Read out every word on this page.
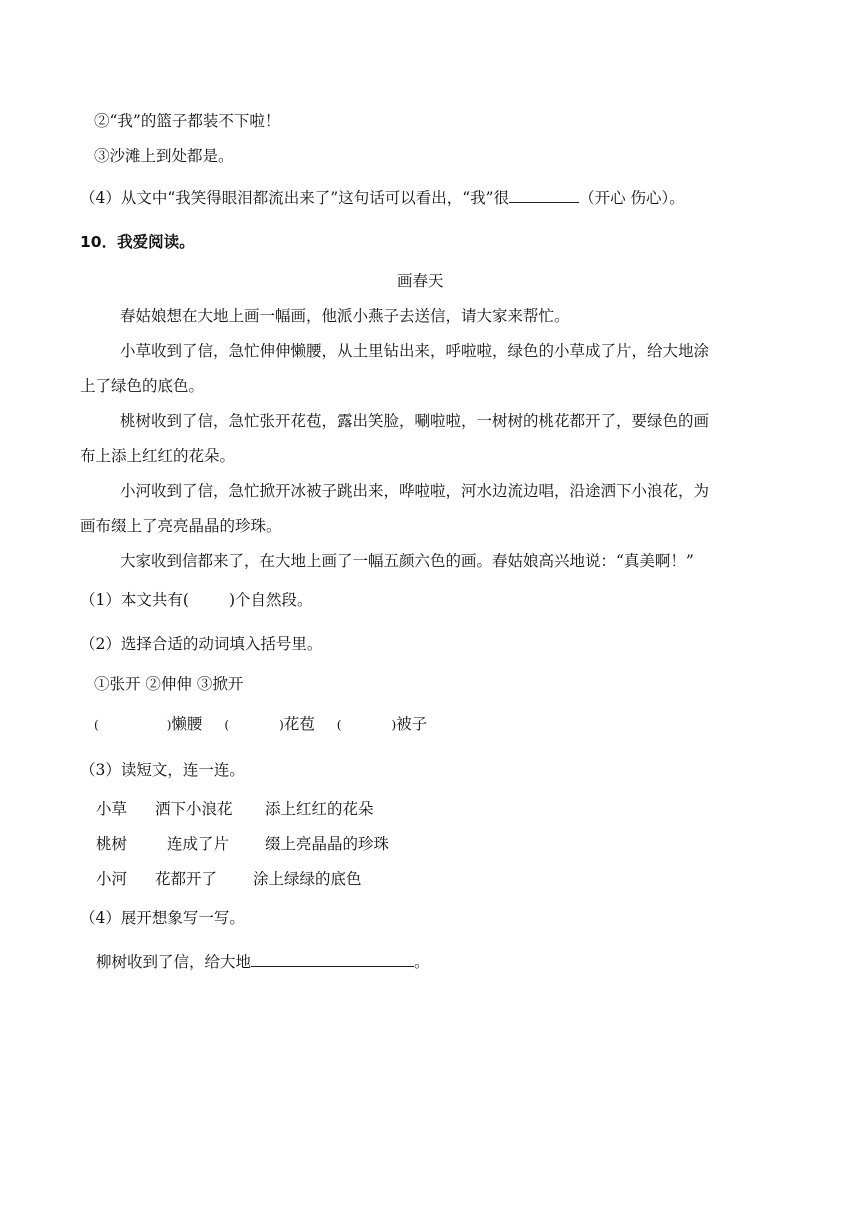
②“我”的篮子都装不下啦！
③沙滩上到处都是。
（4）从文中“我笑得眼泪都流出来了”这句话可以看出，“我”很	（开心 伤心）。
10．我爱阅读。
画春天
春姑娘想在大地上画一幅画，他派小燕子去送信，请大家来帮忙。
小草收到了信，急忙伸伸懒腰，从土里钻出来，呼啦啦，绿色的小草成了片，给大地涂
上了绿色的底色。
桃树收到了信，急忙张开花苞，露出笑脸，唰啦啦，一树树的桃花都开了，要绿色的画
布上添上红红的花朵。
小河收到了信，急忙掀开冰被子跳出来，哗啦啦，河水边流边唱，沿途洒下小浪花，为
画布缀上了亮亮晶晶的珍珠。
大家收到信都来了，在大地上画了一幅五颜六色的画。春姑娘高兴地说：“真美啊！”
（1）本文共有(	)个自然段。
（2）选择合适的动词填入括号里。
①张开 ②伸伸 ③掀开
(	)懒腰 (	)花苞 (	)被子
（3）读短文，连一连。
小草 洒下小浪花 添上红红的花朵
桃树	连成了片 缀上亮晶晶的珍珠
小河 花都开了 涂上绿绿的底色
（4）展开想象写一写。
柳树收到了信，给大地	。
